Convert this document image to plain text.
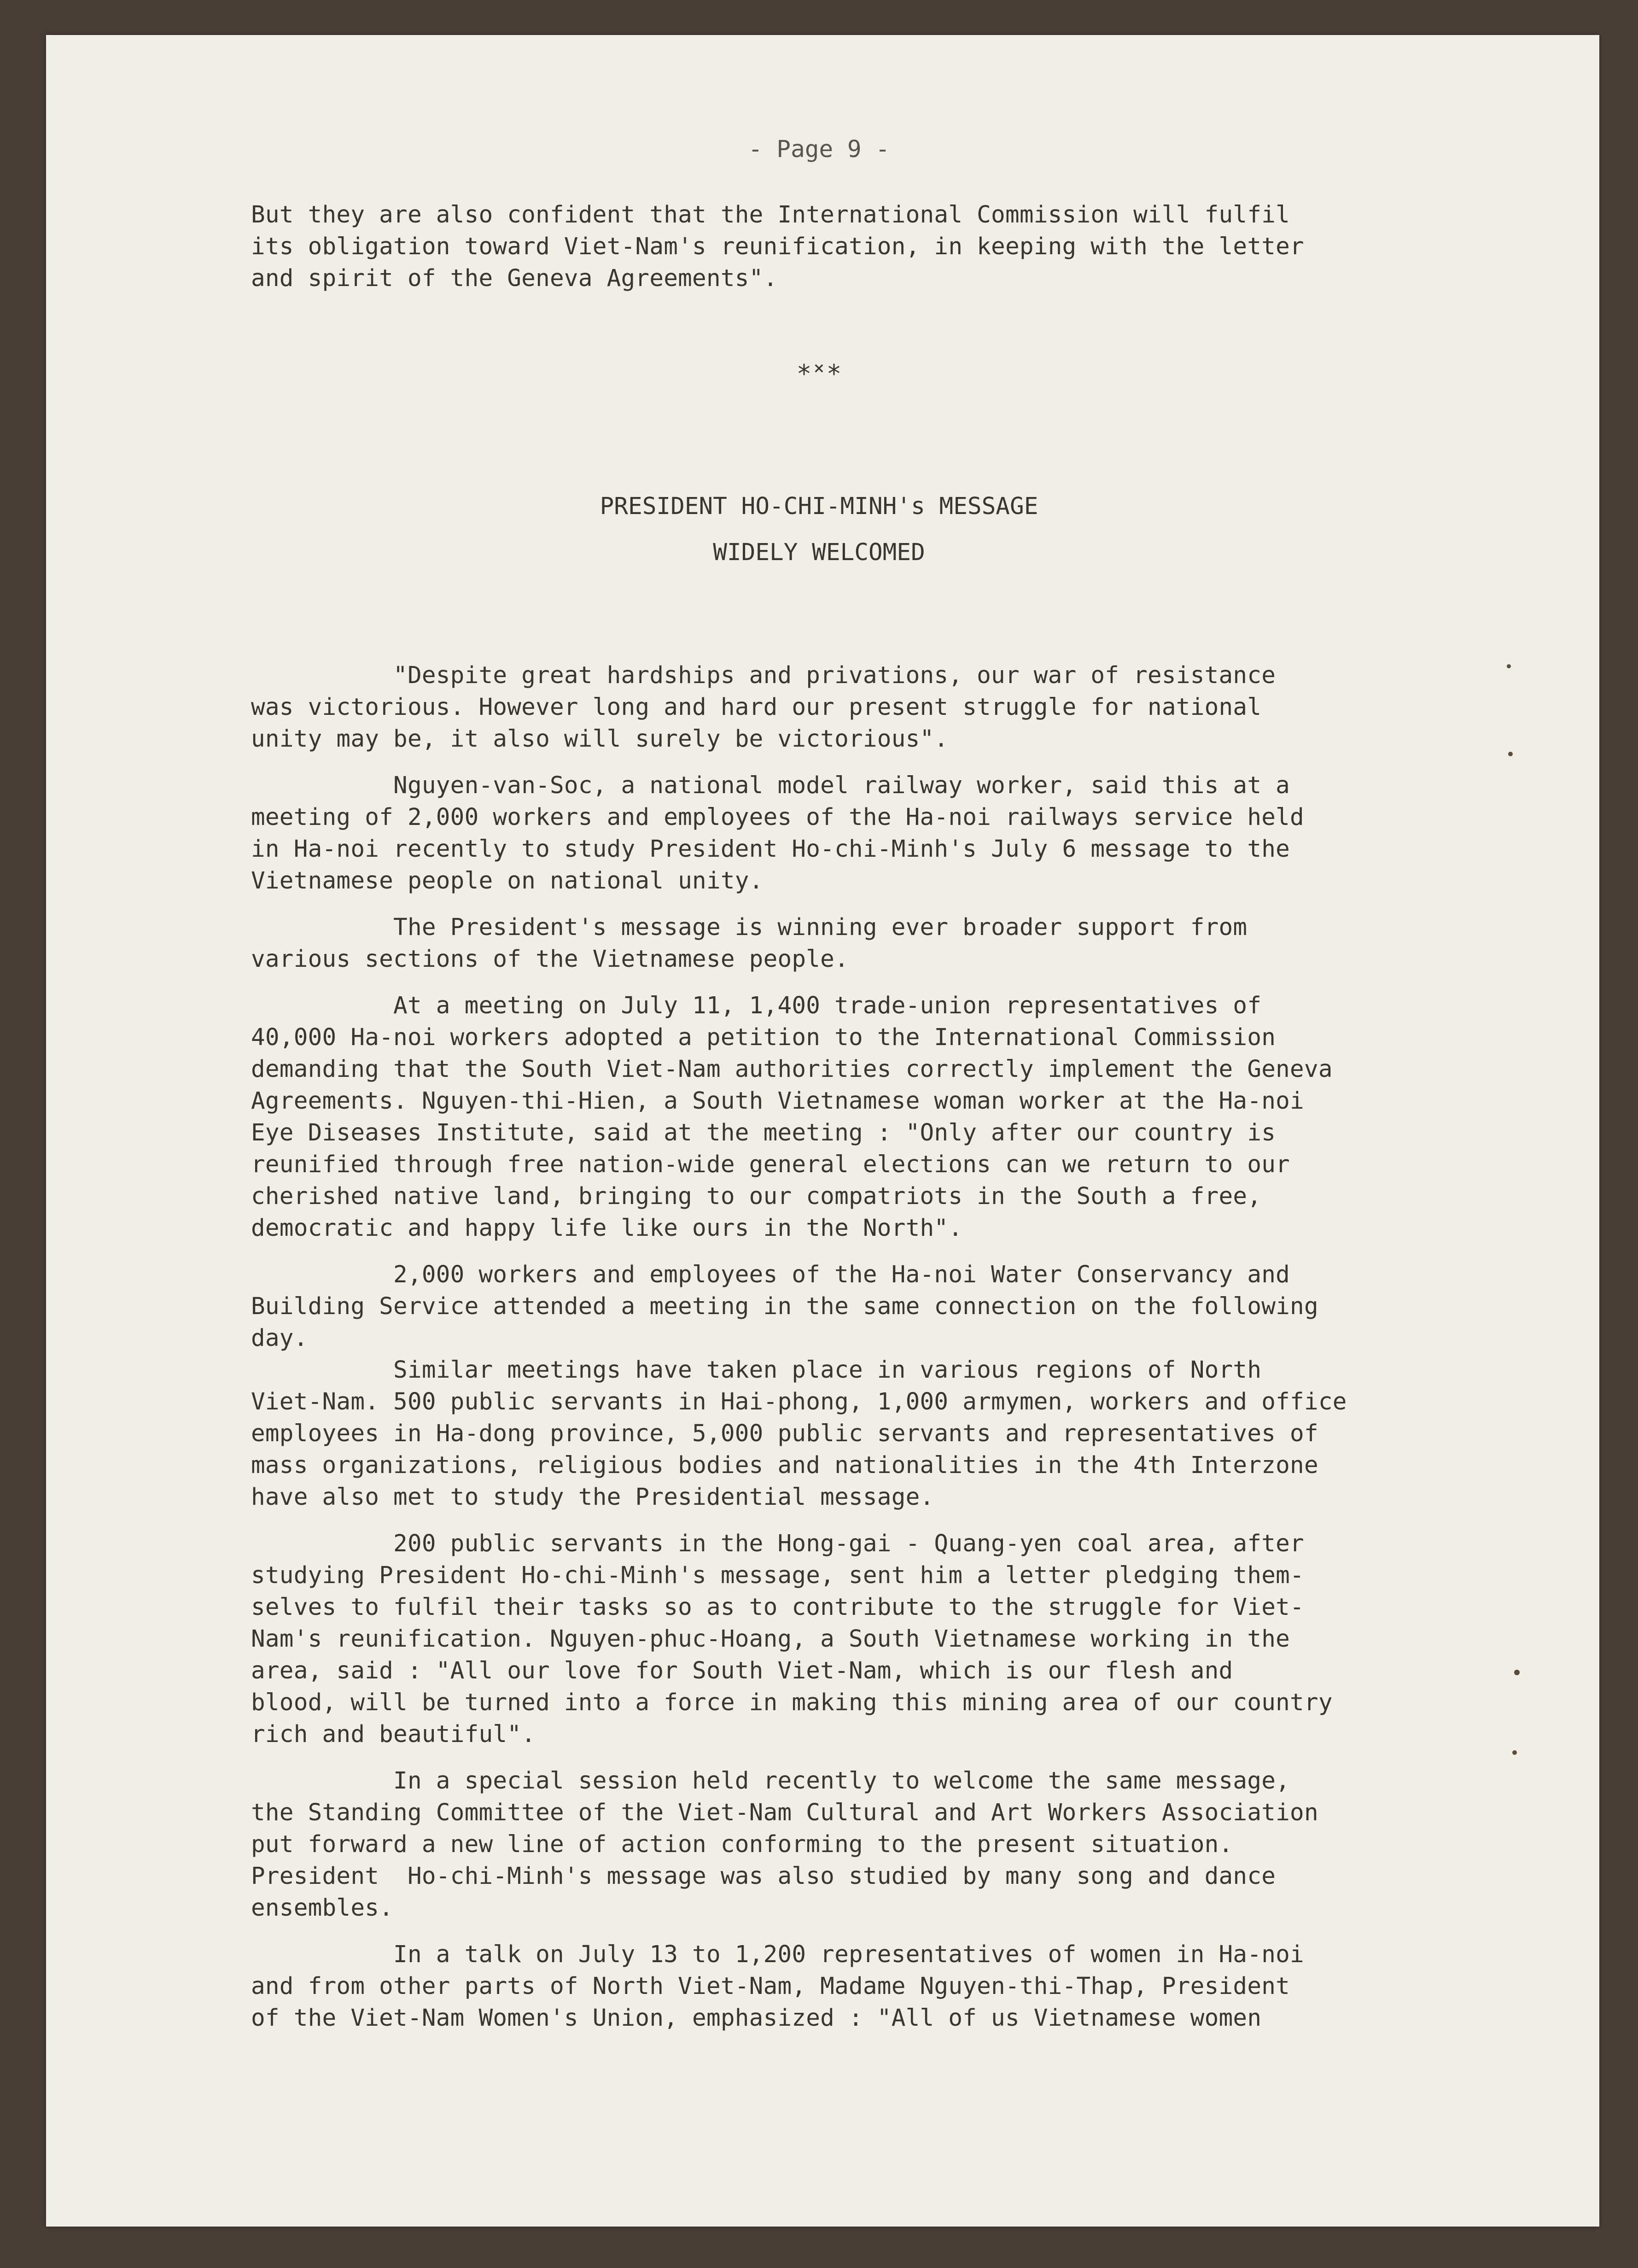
- Page 9 -

But they are also confident that the International Commission will fulfil

its obligation toward Viet-Nam's reunification, in keeping with the letter

and spirit of the Geneva Agreements".

*˟*
PRESIDENT HO-CHI-MINH's MESSAGE
WIDELY WELCOMED

"Despite great hardships and privations, our war of resistance
was victorious. However long and hard our present struggle for national
unity may be, it also will surely be victorious".

Nguyen-van-Soc, a national model railway worker, said this at a
meeting of 2,000 workers and employees of the Ha-noi railways service held
in Ha-noi recently to study President Ho-chi-Minh's July 6 message to the
Vietnamese people on national unity.

The President's message is winning ever broader support from
various sections of the Vietnamese people.

At a meeting on July 11, 1,400 trade-union representatives of
40,000 Ha-noi workers adopted a petition to the International Commission
demanding that the South Viet-Nam authorities correctly implement the Geneva
Agreements. Nguyen-thi-Hien, a South Vietnamese woman worker at the Ha-noi
Eye Diseases Institute, said at the meeting : "Only after our country is
reunified through free nation-wide general elections can we return to our
cherished native land, bringing to our compatriots in the South a free,
democratic and happy life like ours in the North".

2,000 workers and employees of the Ha-noi Water Conservancy and
Building Service attended a meeting in the same connection on the following
day.

Similar meetings have taken place in various regions of North
Viet-Nam. 500 public servants in Hai-phong, 1,000 armymen, workers and office
employees in Ha-dong province, 5,000 public servants and representatives of
mass organizations, religious bodies and nationalities in the 4th Interzone
have also met to study the Presidential message.

200 public servants in the Hong-gai - Quang-yen coal area, after
studying President Ho-chi-Minh's message, sent him a letter pledging them-
selves to fulfil their tasks so as to contribute to the struggle for Viet-
Nam's reunification. Nguyen-phuc-Hoang, a South Vietnamese working in the
area, said : "All our love for South Viet-Nam, which is our flesh and
blood, will be turned into a force in making this mining area of our country
rich and beautiful".

In a special session held recently to welcome the same message,
the Standing Committee of the Viet-Nam Cultural and Art Workers Association
put forward a new line of action conforming to the present situation.
President  Ho-chi-Minh's message was also studied by many song and dance
ensembles.

In a talk on July 13 to 1,200 representatives of women in Ha-noi
and from other parts of North Viet-Nam, Madame Nguyen-thi-Thap, President
of the Viet-Nam Women's Union, emphasized : "All of us Vietnamese women
